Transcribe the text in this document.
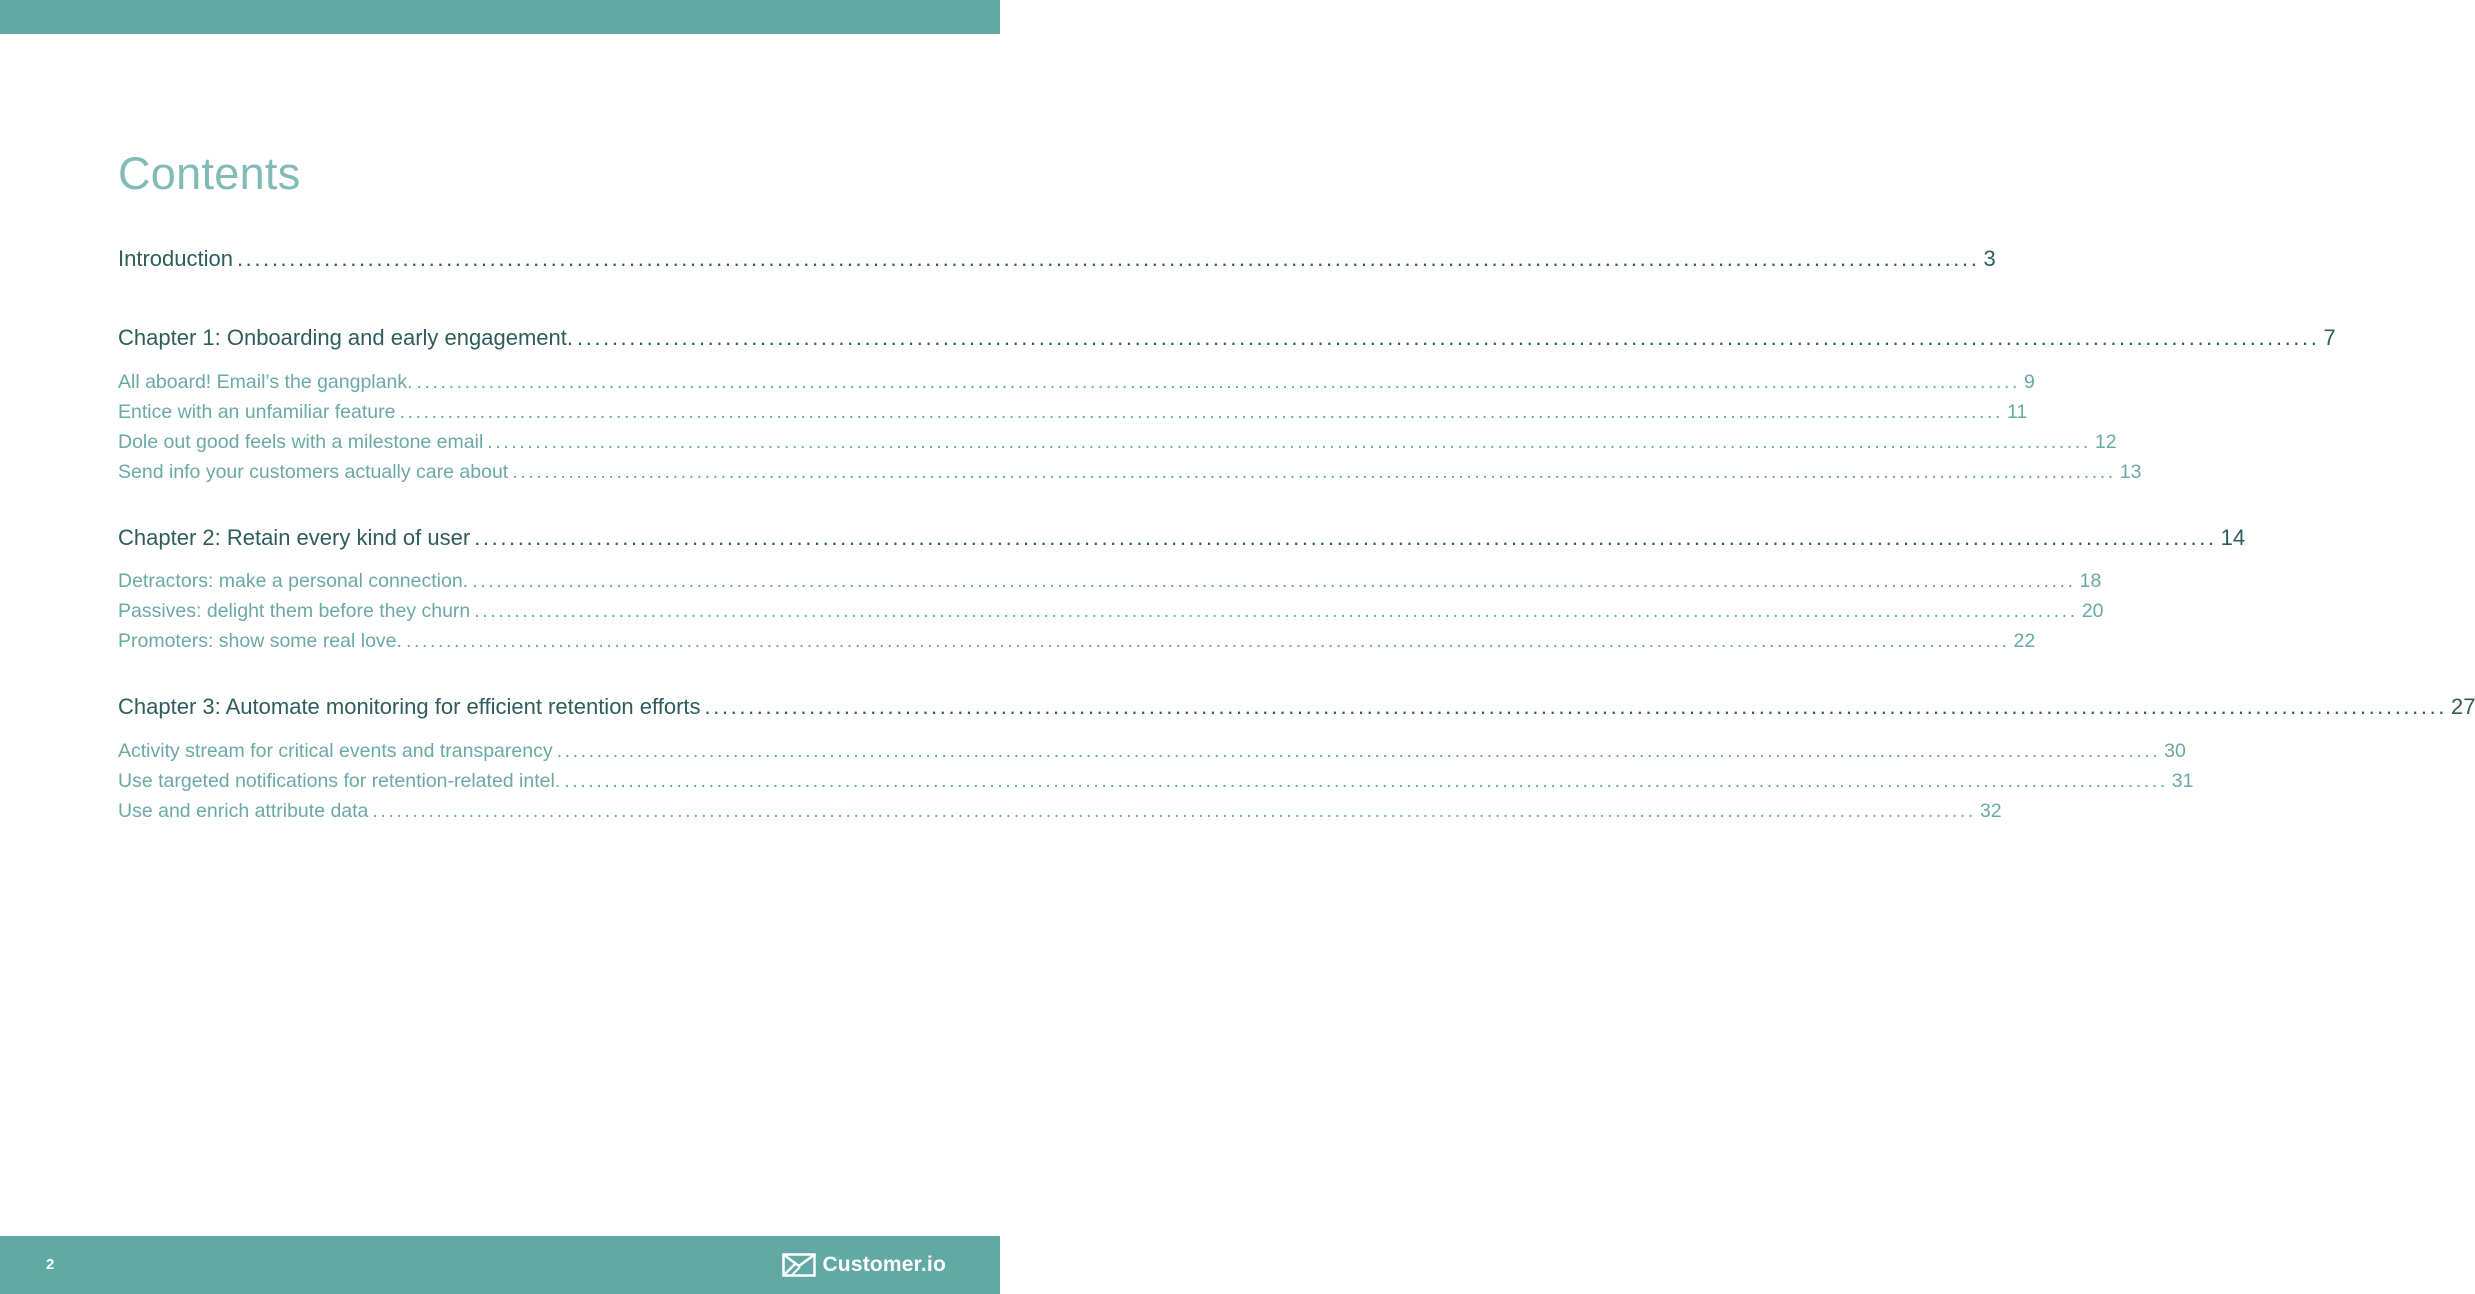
Contents
Introduction ........................................................................................................................................................................................................ 3
Chapter 1: Onboarding and early engagement. ........................................................................................................................................................................................................ 7
All aboard! Email’s the gangplank. ........................................................................................................................................................................................................ 9
Entice with an unfamiliar feature ........................................................................................................................................................................................................ 11
Dole out good feels with a milestone email ........................................................................................................................................................................................................ 12
Send info your customers actually care about ........................................................................................................................................................................................................ 13
Chapter 2: Retain every kind of user ........................................................................................................................................................................................................ 14
Detractors: make a personal connection. ........................................................................................................................................................................................................ 18
Passives: delight them before they churn ........................................................................................................................................................................................................ 20
Promoters: show some real love. ........................................................................................................................................................................................................ 22
Chapter 3: Automate monitoring for efficient retention efforts ........................................................................................................................................................................................................ 27
Activity stream for critical events and transparency ........................................................................................................................................................................................................ 30
Use targeted notifications for retention-related intel. ........................................................................................................................................................................................................ 31
Use and enrich attribute data ........................................................................................................................................................................................................ 32
2	Customer.io
